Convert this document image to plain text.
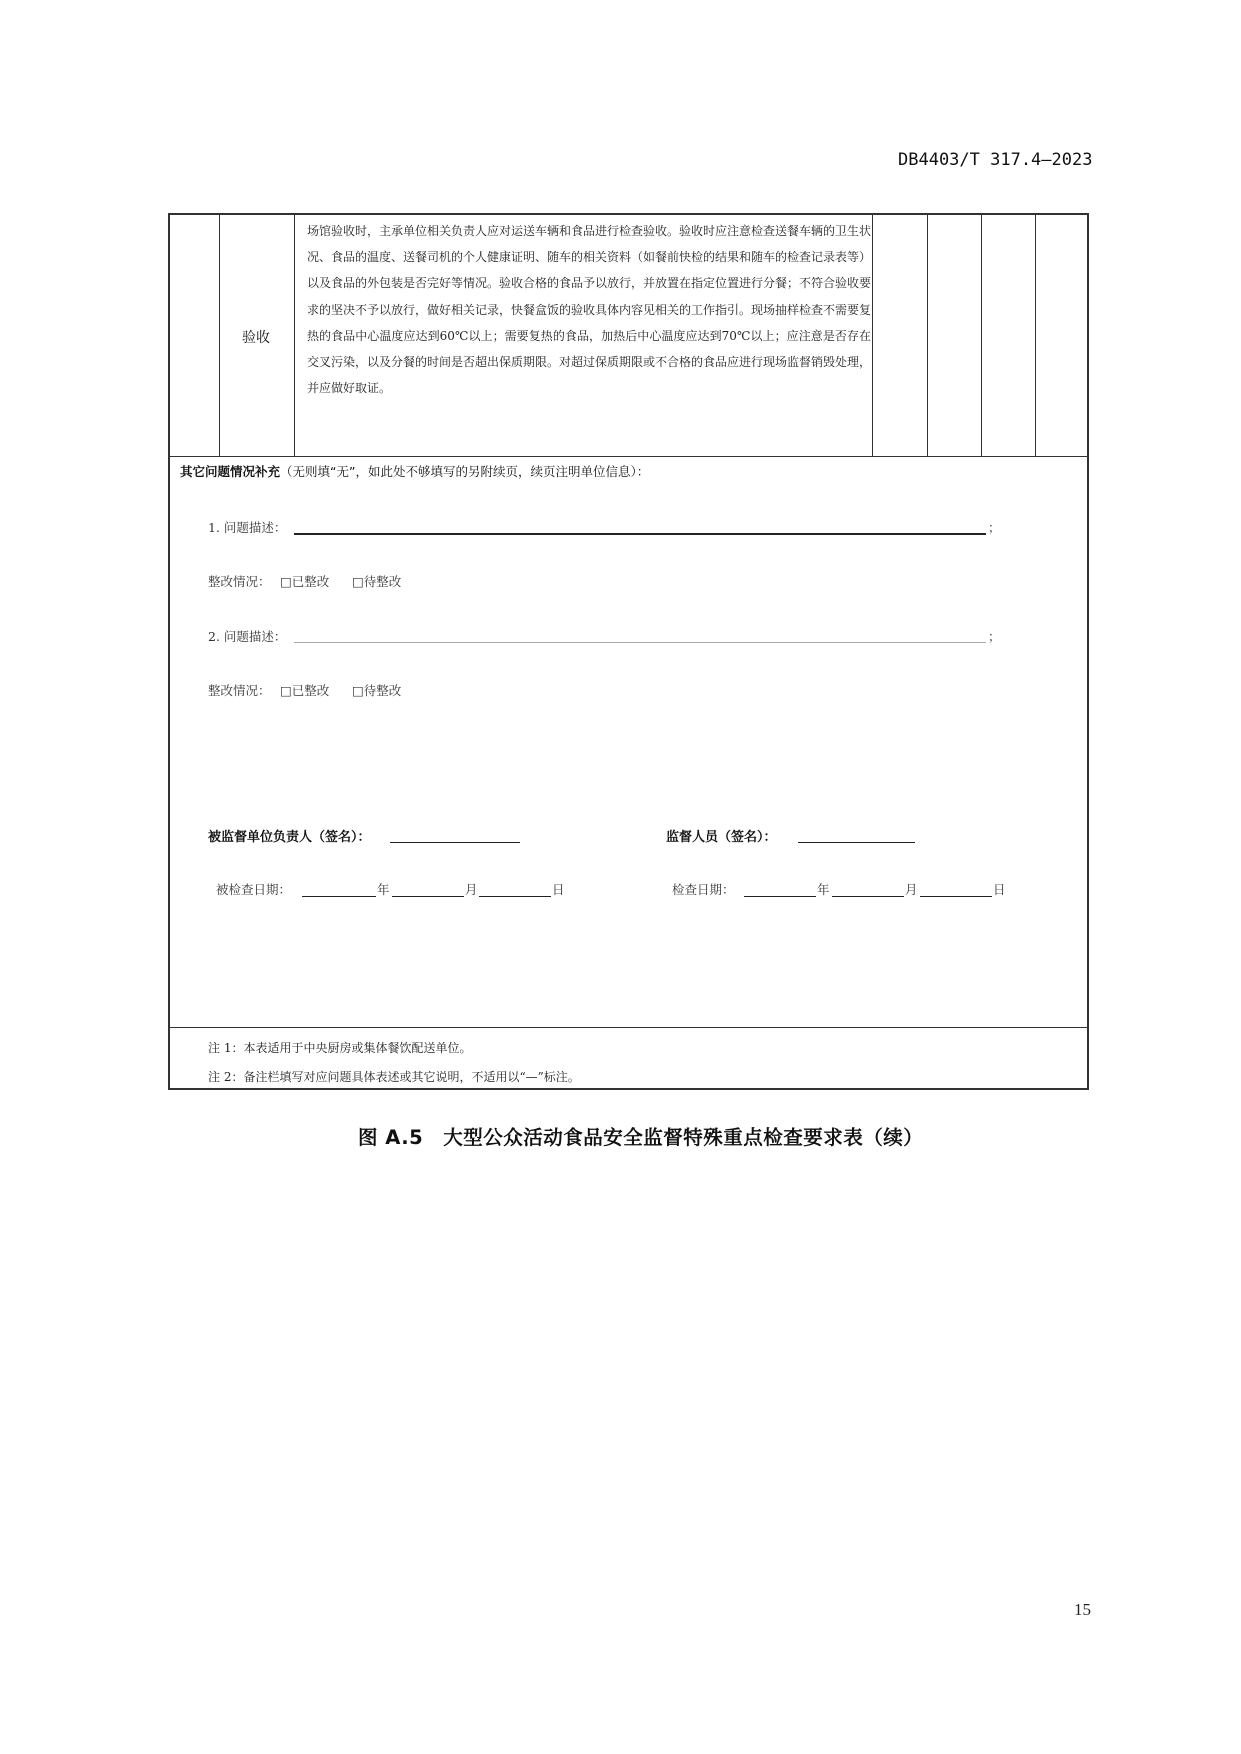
DB4403/T 317.4—2023
验收
场馆验收时，主承单位相关负责人应对运送车辆和食品进行检查验收。验收时应注意检查送餐车辆的卫生状况、食品的温度、送餐司机的个人健康证明、随车的相关资料（如餐前快检的结果和随车的检查记录表等）以及食品的外包装是否完好等情况。验收合格的食品予以放行，并放置在指定位置进行分餐；不符合验收要求的坚决不予以放行，做好相关记录，快餐盒饭的验收具体内容见相关的工作指引。现场抽样检查不需要复热的食品中心温度应达到60℃以上；需要复热的食品，加热后中心温度应达到70℃以上；应注意是否存在交叉污染，以及分餐的时间是否超出保质期限。对超过保质期限或不合格的食品应进行现场监督销毁处理，并应做好取证。
其它问题情况补充（无则填“无”，如此处不够填写的另附续页，续页注明单位信息）：
1. 问题描述：	；
整改情况： □已整改 □待整改
2. 问题描述：	；
整改情况： □已整改 □待整改
被监督单位负责人（签名）：	监督人员（签名）：
被检查日期：	年	月	日	检查日期：	年	月	日
注 1：本表适用于中央厨房或集体餐饮配送单位。
注 2：备注栏填写对应问题具体表述或其它说明，不适用以“—”标注。
图 A.5　大型公众活动食品安全监督特殊重点检查要求表（续）
15
